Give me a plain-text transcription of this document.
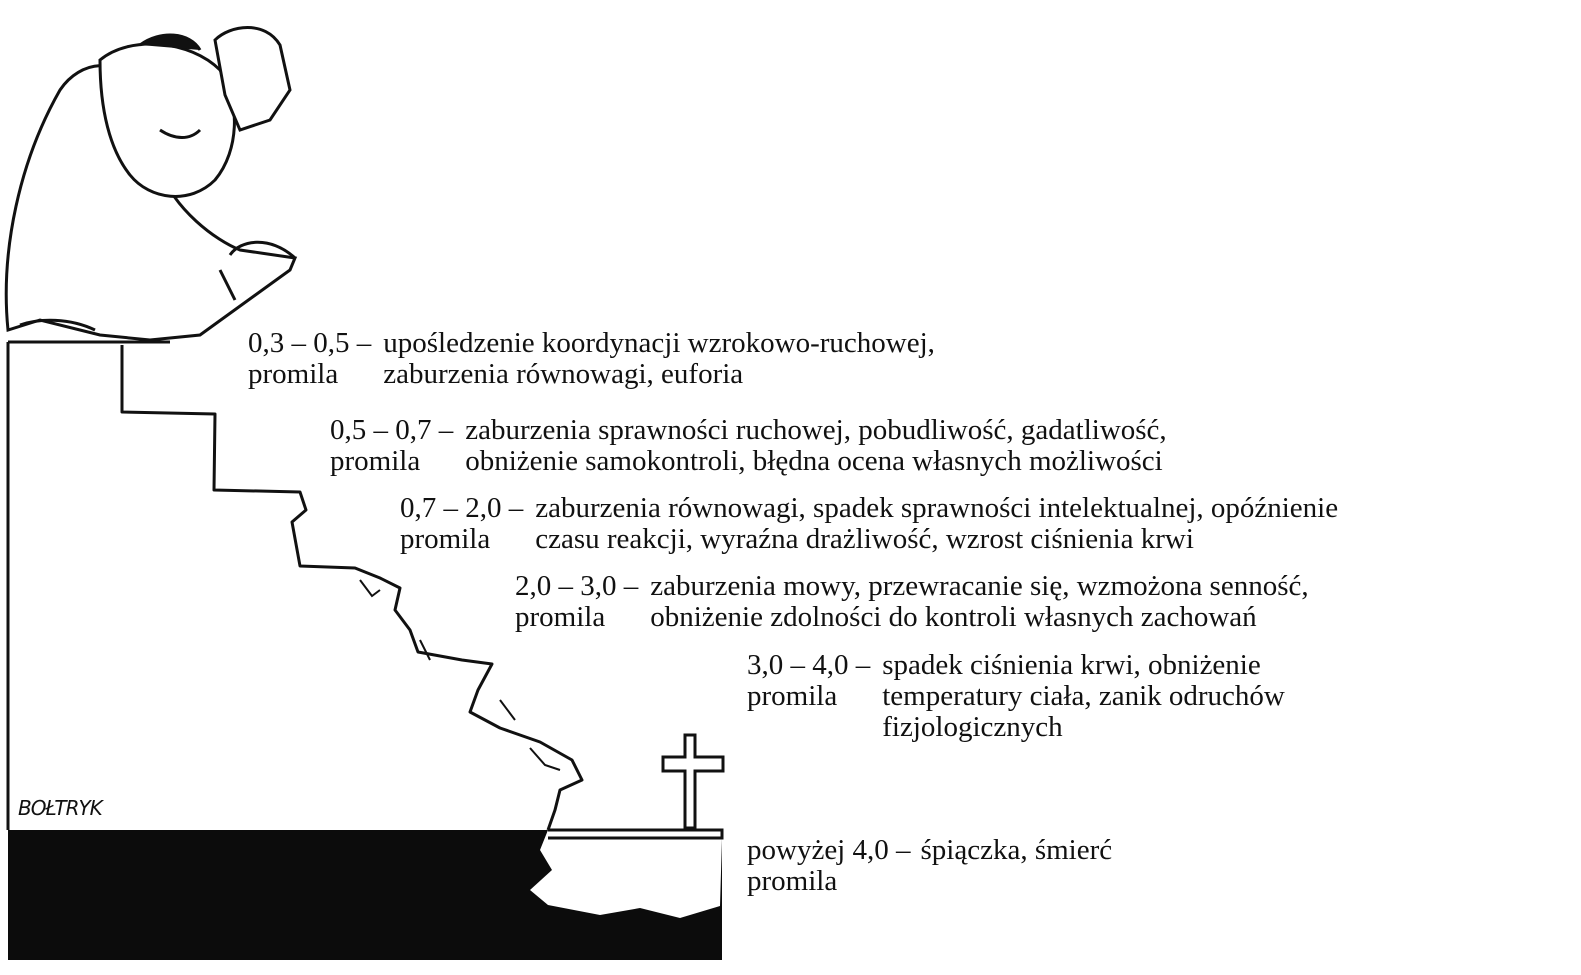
BOŁTRYK
0,3 – 0,5 –
promila
upośledzenie koordynacji wzrokowo-ruchowej,
zaburzenia równowagi, euforia
0,5 – 0,7 –
promila
zaburzenia sprawności ruchowej, pobudliwość, gadatliwość,
obniżenie samokontroli, błędna ocena własnych możliwości
0,7 – 2,0 –
promila
zaburzenia równowagi, spadek sprawności intelektualnej, opóźnienie
czasu reakcji, wyraźna drażliwość, wzrost ciśnienia krwi
2,0 – 3,0 –
promila
zaburzenia mowy, przewracanie się, wzmożona senność,
obniżenie zdolności do kontroli własnych zachowań
3,0 – 4,0 –
promila
spadek ciśnienia krwi, obniżenie
temperatury ciała, zanik odruchów
fizjologicznych
powyżej 4,0 –
promila
śpiączka, śmierć
